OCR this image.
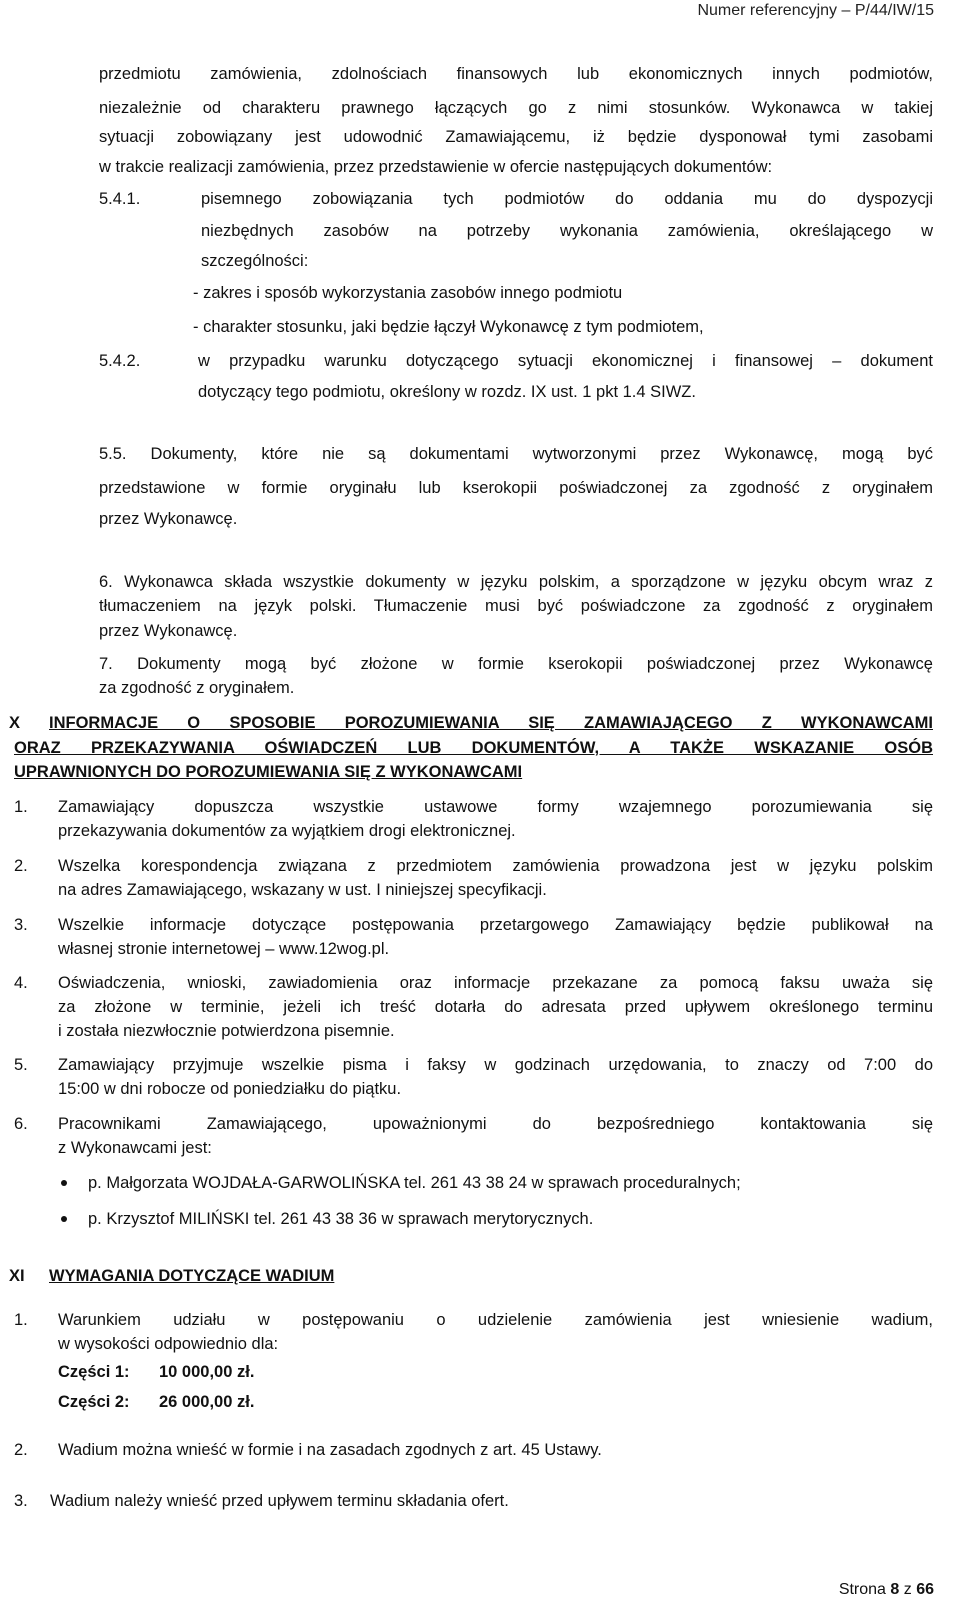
Numer referencyjny – P/44/IW/15
przedmiotu zamówienia, zdolnościach finansowych lub ekonomicznych innych podmiotów,
niezależnie od charakteru prawnego łączących go z nimi stosunków. Wykonawca w takiej
sytuacji zobowiązany jest udowodnić Zamawiającemu, iż będzie dysponował tymi zasobami
w trakcie realizacji zamówienia, przez przedstawienie w ofercie następujących dokumentów:
5.4.1.	pisemnego zobowiązania tych podmiotów do oddania mu do dyspozycji
niezbędnych zasobów na potrzeby wykonania zamówienia, określającego w
szczególności:
- zakres i sposób wykorzystania zasobów innego podmiotu
- charakter stosunku, jaki będzie łączył Wykonawcę z tym podmiotem,
5.4.2.	w przypadku warunku dotyczącego sytuacji ekonomicznej i finansowej – dokument
dotyczący tego podmiotu, określony w rozdz. IX ust. 1 pkt 1.4 SIWZ.
5.5. Dokumenty, które nie są dokumentami wytworzonymi przez Wykonawcę, mogą być
przedstawione w formie oryginału lub kserokopii poświadczonej za zgodność z oryginałem
przez Wykonawcę.
6. Wykonawca składa wszystkie dokumenty w języku polskim, a sporządzone w języku obcym wraz z
tłumaczeniem na język polski. Tłumaczenie musi być poświadczone za zgodność z oryginałem
przez Wykonawcę.
7. Dokumenty mogą być złożone w formie kserokopii poświadczonej przez Wykonawcę
za zgodność z oryginałem.
X INFORMACJE O SPOSOBIE POROZUMIEWANIA SIĘ ZAMAWIAJĄCEGO Z WYKONAWCAMI
ORAZ PRZEKAZYWANIA OŚWIADCZEŃ LUB DOKUMENTÓW, A TAKŻE WSKAZANIE OSÓB
UPRAWNIONYCH DO POROZUMIEWANIA SIĘ Z WYKONAWCAMI
1. Zamawiający dopuszcza wszystkie ustawowe formy wzajemnego porozumiewania się
przekazywania dokumentów za wyjątkiem drogi elektronicznej.
2. Wszelka korespondencja związana z przedmiotem zamówienia prowadzona jest w języku polskim
na adres Zamawiającego, wskazany w ust. I niniejszej specyfikacji.
3. Wszelkie informacje dotyczące postępowania przetargowego Zamawiający będzie publikował na
własnej stronie internetowej – www.12wog.pl.
4. Oświadczenia, wnioski, zawiadomienia oraz informacje przekazane za pomocą faksu uważa się
za złożone w terminie, jeżeli ich treść dotarła do adresata przed upływem określonego terminu
i została niezwłocznie potwierdzona pisemnie.
5. Zamawiający przyjmuje wszelkie pisma i faksy w godzinach urzędowania, to znaczy od 7:00 do
15:00 w dni robocze od poniedziałku do piątku.
6. Pracownikami Zamawiającego, upoważnionymi do bezpośredniego kontaktowania się
z Wykonawcami jest:
p. Małgorzata WOJDAŁA-GARWOLIŃSKA tel. 261 43 38 24 w sprawach proceduralnych;
p. Krzysztof MILIŃSKI tel. 261 43 38 36 w sprawach merytorycznych.
XI WYMAGANIA DOTYCZĄCE WADIUM
1. Warunkiem udziału w postępowaniu o udzielenie zamówienia jest wniesienie wadium,
w wysokości odpowiednio dla:
Części 1: 10 000,00 zł.
Części 2: 26 000,00 zł.
2. Wadium można wnieść w formie i na zasadach zgodnych z art. 45 Ustawy.
3. Wadium należy wnieść przed upływem terminu składania ofert.
Strona 8 z 66
